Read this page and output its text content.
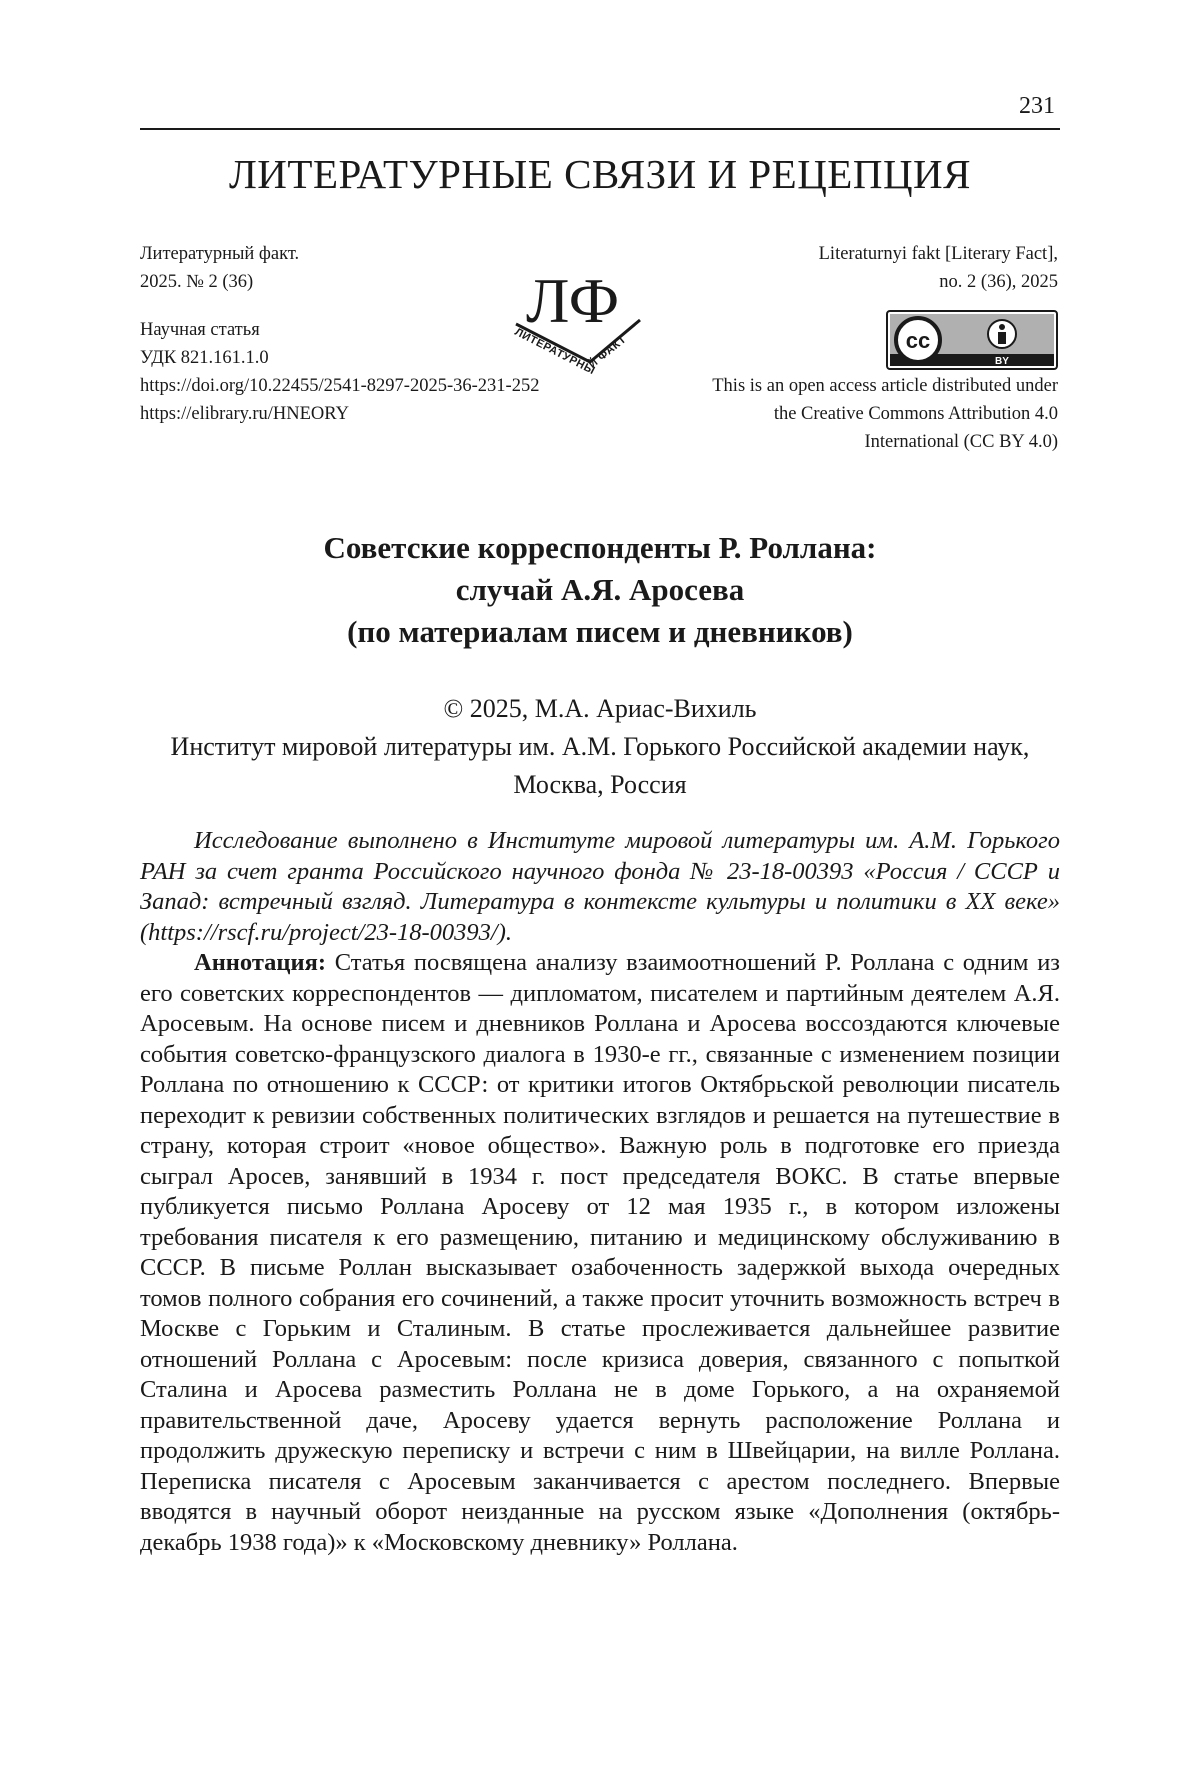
231
ЛИТЕРАТУРНЫЕ СВЯЗИ И РЕЦЕПЦИЯ
Литературный факт.
2025. № 2 (36)
Научная статья
УДК 821.161.1.0
https://doi.org/10.22455/2541-8297-2025-36-231-252
https://elibrary.ru/HNEORY
ЛФ
ЛИТЕРАТУРНЫЙ ФАКТ
Literaturnyi fakt [Literary Fact],
no. 2 (36), 2025
cc
BY
This is an open access article distributed under
the Creative Commons Attribution 4.0
International (CC BY 4.0)
Советские корреспонденты Р. Роллана:
случай А.Я. Аросева
(по материалам писем и дневников)
© 2025, М.А. Ариас-Вихиль
Институт мировой литературы им. А.М. Горького Российской академии наук,
Москва, Россия

Исследование выполнено в Институте мировой литературы им. А.М. Горького РАН за счет гранта Российского научного фонда № 23-18-00393 «Россия / СССР и Запад: встречный взгляд. Литература в контексте культуры и политики в XX веке» (https://rscf.ru/project/23-18-00393/).

Аннотация: Статья посвящена анализу взаимоотношений Р. Роллана с одним из его советских корреспондентов — дипломатом, писателем и партийным деятелем А.Я. Аросевым. На основе писем и дневников Роллана и Аросева воссоздаются ключевые события советско-французского диалога в 1930-е гг., связанные с изменением позиции Роллана по отношению к СССР: от критики итогов Октябрьской революции писатель переходит к ревизии собственных политических взглядов и решается на путешествие в страну, которая строит «новое общество». Важную роль в подготовке его приезда сыграл Аросев, занявший в 1934 г. пост председателя ВОКС. В статье впервые публикуется письмо Роллана Аросеву от 12 мая 1935 г., в котором изложены требования писателя к его размещению, питанию и медицинскому обслуживанию в СССР. В письме Роллан высказывает озабоченность задержкой выхода очередных томов полного собрания его сочинений, а также просит уточнить возможность встреч в Москве с Горьким и Сталиным. В статье прослеживается дальнейшее развитие отношений Роллана с Аросевым: после кризиса доверия, связанного с попыткой Сталина и Аросева разместить Роллана не в доме Горького, а на охраняемой правительственной даче, Аросеву удается вернуть расположение Роллана и продолжить дружескую переписку и встречи с ним в Швейцарии, на вилле Роллана. Переписка писателя с Аросевым заканчивается с арестом последнего. Впервые вводятся в научный оборот неизданные на русском языке «Дополнения (октябрь-декабрь 1938 года)» к «Московскому дневнику» Роллана.
